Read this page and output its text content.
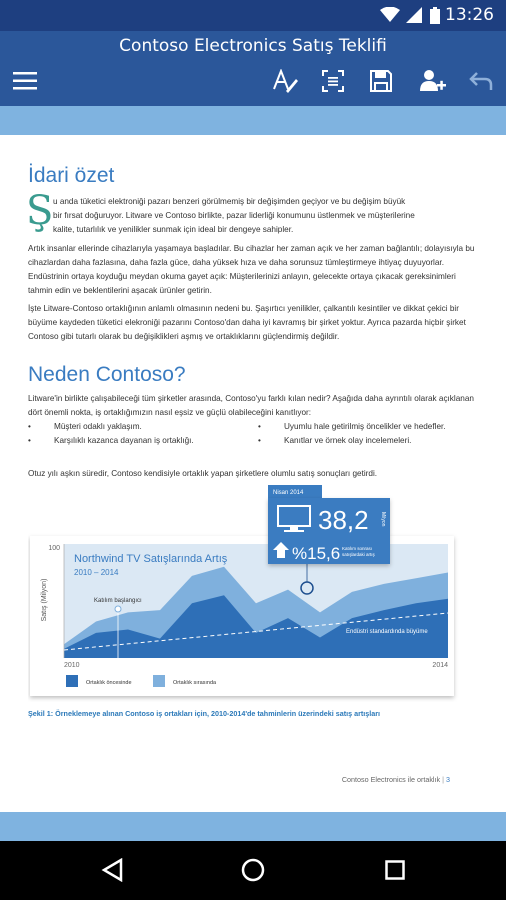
13:26
Contoso Electronics Satış Teklifi
İdari özet
Ş u anda tüketici elektroniği pazarı benzeri görülmemiş bir değişimden geçiyor ve bu değişim büyük
bir fırsat doğuruyor. Litware ve Contoso birlikte, pazar liderliği konumunu üstlenmek ve müşterilerine
kalite, tutarlılık ve yenilikler sunmak için ideal bir dengeye sahipler.
Artık insanlar ellerinde cihazlarıyla yaşamaya başladılar. Bu cihazlar her zaman açık ve her zaman bağlantılı; dolayısıyla bu cihazlardan daha fazlasına, daha fazla güce, daha yüksek hıza ve daha sorunsuz tümleştirmeye ihtiyaç duyuyorlar. Endüstrinin ortaya koyduğu meydan okuma gayet açık: Müşterilerinizi anlayın, gelecekte ortaya çıkacak gereksinimleri tahmin edin ve beklentilerini aşacak ürünler getirin.
İşte Litware-Contoso ortaklığının anlamlı olmasının nedeni bu. Şaşırtıcı yenilikler, çalkantılı kesintiler ve dikkat çekici bir büyüme kaydeden tüketici elekroniği pazarını Contoso'dan daha iyi kavramış bir şirket yoktur. Ayrıca pazarda hiçbir şirket Contoso gibi tutarlı olarak bu değişiklikleri aşmış ve ortaklıklarını güçlendirmiş değildir.
Neden Contoso?
Litware'in birlikte çalışabileceği tüm şirketler arasında, Contoso'yu farklı kılan nedir? Aşağıda daha ayrıntılı olarak açıklanan dört önemli nokta, iş ortaklığımızın nasıl eşsiz ve güçlü olabileceğini kanıtlıyor:
• Müşteri odaklı yaklaşım.	• Uyumlu hale getirilmiş öncelikler ve hedefler.
• Karşılıklı kazanca dayanan iş ortaklığı.	• Kanıtlar ve örnek olay incelemeleri.
Otuz yılı aşkın süredir, Contoso kendisiyle ortaklık yapan şirketlere olumlu satış sonuçları getirdi.
100
2010	2014
Satış (Milyon)
Northwind TV Satışlarında Artış
2010 – 2014
Endüstri standardında büyüme
Katılım başlangıcı
Ortaklık öncesinde	Ortaklık sırasında
Nisan 2014
38,2 Milyon
%15,6 Katılım sonrası
satışlardaki artış
Şekil 1: Örneklemeye alınan Contoso iş ortakları için, 2010-2014'de tahminlerin üzerindeki satış artışları
Contoso Electronics ile ortaklık | 3
